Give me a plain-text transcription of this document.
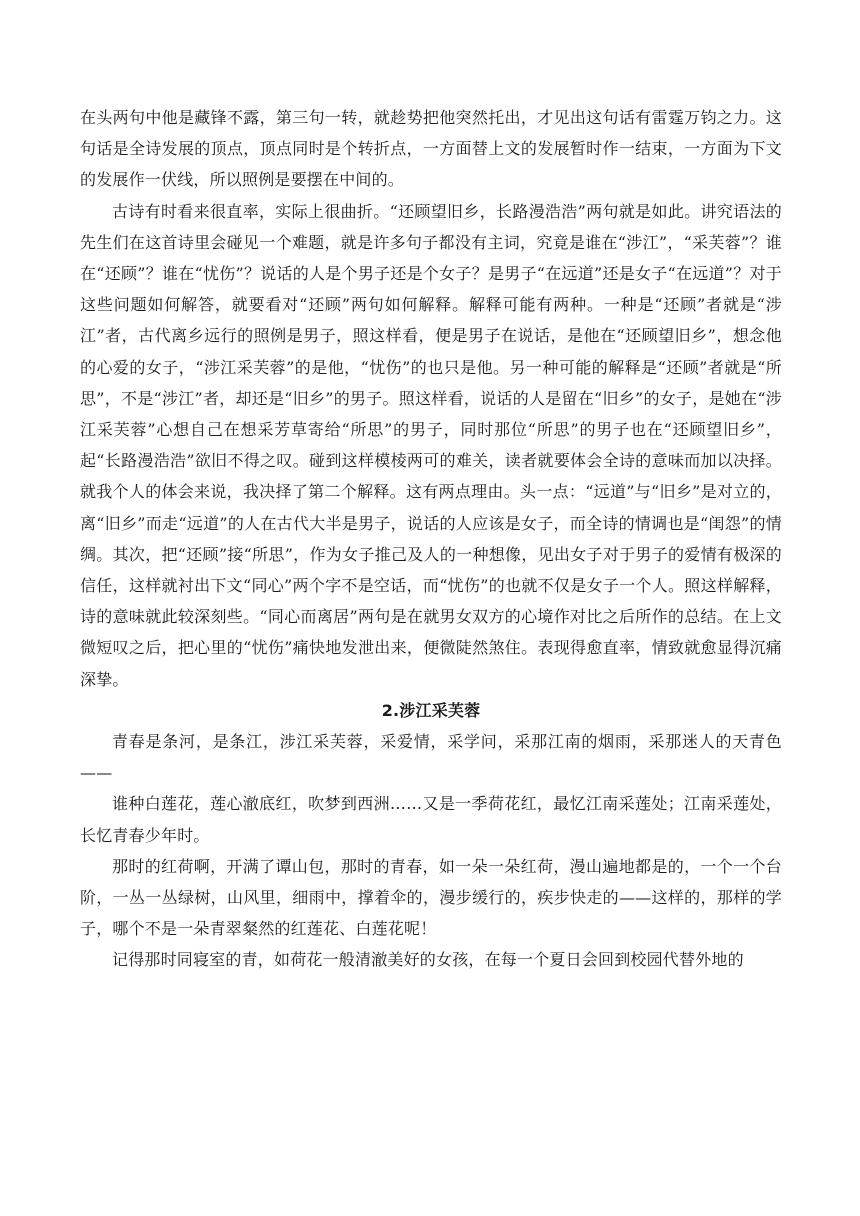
在头两句中他是藏锋不露，第三句一转，就趁势把他突然托出，才见出这句话有雷霆万钧之力。这句话是全诗发展的顶点，顶点同时是个转折点，一方面替上文的发展暂时作一结束，一方面为下文的发展作一伏线，所以照例是要摆在中间的。

古诗有时看来很直率，实际上很曲折。“还顾望旧乡，长路漫浩浩”两句就是如此。讲究语法的先生们在这首诗里会碰见一个难题，就是许多句子都没有主词，究竟是谁在“涉江”，“采芙蓉”？谁在“还顾”？谁在“忧伤”？说话的人是个男子还是个女子？是男子“在远道”还是女子“在远道”？对于这些问题如何解答，就要看对“还顾”两句如何解释。解释可能有两种。一种是“还顾”者就是“涉江”者，古代离乡远行的照例是男子，照这样看，便是男子在说话，是他在“还顾望旧乡”，想念他的心爱的女子，“涉江采芙蓉”的是他，“忧伤”的也只是他。另一种可能的解释是“还顾”者就是“所思”，不是“涉江”者，却还是“旧乡”的男子。照这样看，说话的人是留在“旧乡”的女子，是她在“涉江采芙蓉”心想自己在想采芳草寄给“所思”的男子，同时那位“所思”的男子也在“还顾望旧乡”，起“长路漫浩浩”欲旧不得之叹。碰到这样模棱两可的难关，读者就要体会全诗的意味而加以决择。就我个人的体会来说，我决择了第二个解释。这有两点理由。头一点：“远道”与“旧乡”是对立的，离“旧乡”而走“远道”的人在古代大半是男子，说话的人应该是女子，而全诗的情调也是“闺怨”的情绸。其次，把“还顾”接“所思”，作为女子推己及人的一种想像，见出女子对于男子的爱情有极深的信任，这样就衬出下文“同心”两个字不是空话，而“忧伤”的也就不仅是女子一个人。照这样解释，诗的意味就此较深刻些。“同心而离居”两句是在就男女双方的心境作对比之后所作的总结。在上文微短叹之后，把心里的“忧伤”痛快地发泄出来，便微陡然煞住。表现得愈直率，情致就愈显得沉痛深挚。

2.涉江采芙蓉

青春是条河，是条江，涉江采芙蓉，采爱情，采学问，采那江南的烟雨，采那迷人的天青色——

谁种白莲花，莲心澈底红，吹梦到西洲……又是一季荷花红，最忆江南采莲处；江南采莲处，长忆青春少年时。

那时的红荷啊，开满了谭山包，那时的青春，如一朵一朵红荷，漫山遍地都是的，一个一个台阶，一丛一丛绿树，山风里，细雨中，撑着伞的，漫步缓行的，疾步快走的——这样的，那样的学子，哪个不是一朵青翠粲然的红莲花、白莲花呢！

记得那时同寝室的青，如荷花一般清澈美好的女孩，在每一个夏日会回到校园代替外地的
